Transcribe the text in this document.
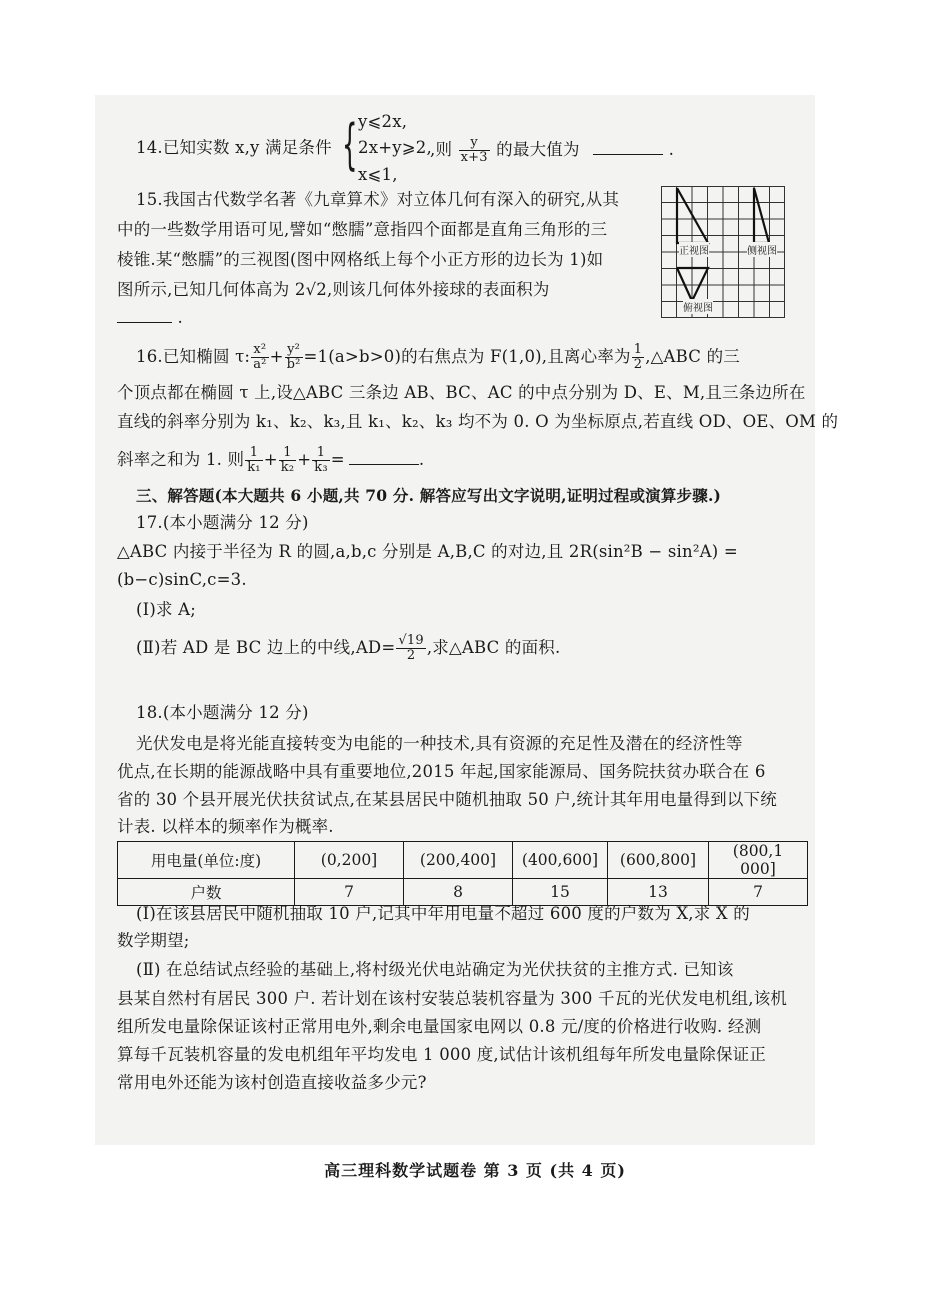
{ y⩽2x,
2x+y⩾2,
x⩽1,
14.已知实数 x,y 满足条件	,则 $\frac{y}{x+3}$ 的最大值为	.
15.我国古代数学名著《九章算术》对立体几何有深入的研究,从其
中的一些数学用语可见,譬如“憋臑”意指四个面都是直角三角形的三
棱锥.某“憋臑”的三视图(图中网格纸上每个小正方形的边长为 1)如
图所示,已知几何体高为 2√2,则该几何体外接球的表面积为
.
正视图	侧视图
俯视图
16.已知椭圆 τ: $\frac{\text{x²}}{\text{a²}} + \frac{\text{y²}}{\text{b²}} =1(a>b>0)$的右焦点为 F(1,0),且离心率为 $\frac{1}{2}$ ,△ABC 的三
个顶点都在椭圆 τ 上,设△ABC 三条边 AB、BC、AC 的中点分别为 D、E、M,且三条边所在
直线的斜率分别为 k₁、k₂、k₃,且 k₁、k₂、k₃ 均不为 0. O 为坐标原点,若直线 OD、OE、OM 的
斜率之和为 1. 则 $\frac{1}{\text{k₁}} + \frac{1}{\text{k₂}} + \frac{1}{\text{k₃}}$ =	.
三、解答题(本大题共 6 小题,共 70 分. 解答应写出文字说明,证明过程或演算步骤.)
17.(本小题满分 12 分)
△ABC 内接于半径为 R 的圆,a,b,c 分别是 A,B,C 的对边,且 2R(sin²B − sin²A) =
(b−c)sinC,c=3.
(Ⅰ)求 A;
(Ⅱ)若 AD 是 BC 边上的中线$,AD= \frac{√19}{2}$ ,求△ABC 的面积.
18.(本小题满分 12 分)
光伏发电是将光能直接转变为电能的一种技术,具有资源的充足性及潜在的经济性等
优点,在长期的能源战略中具有重要地位,2015 年起,国家能源局、国务院扶贫办联合在 6
省的 30 个县开展光伏扶贫试点,在某县居民中随机抽取 50 户,统计其年用电量得到以下统
计表. 以样本的频率作为概率.
用电量(单位:度)	(0,200]	(200,400]	(400,600]	(600,800]	(800,1 000]
户数	7	8	15	13	7
(Ⅰ)在该县居民中随机抽取 10 户,记其中年用电量不超过 600 度的户数为 X,求 X 的
数学期望;
(Ⅱ) 在总结试点经验的基础上,将村级光伏电站确定为光伏扶贫的主推方式. 已知该
县某自然村有居民 300 户. 若计划在该村安装总装机容量为 300 千瓦的光伏发电机组,该机
组所发电量除保证该村正常用电外,剩余电量国家电网以 0.8 元/度的价格进行收购. 经测
算每千瓦装机容量的发电机组年平均发电 1 000 度,试估计该机组每年所发电量除保证正
常用电外还能为该村创造直接收益多少元?
高三理科数学试题卷 第 3 页 (共 4 页)
